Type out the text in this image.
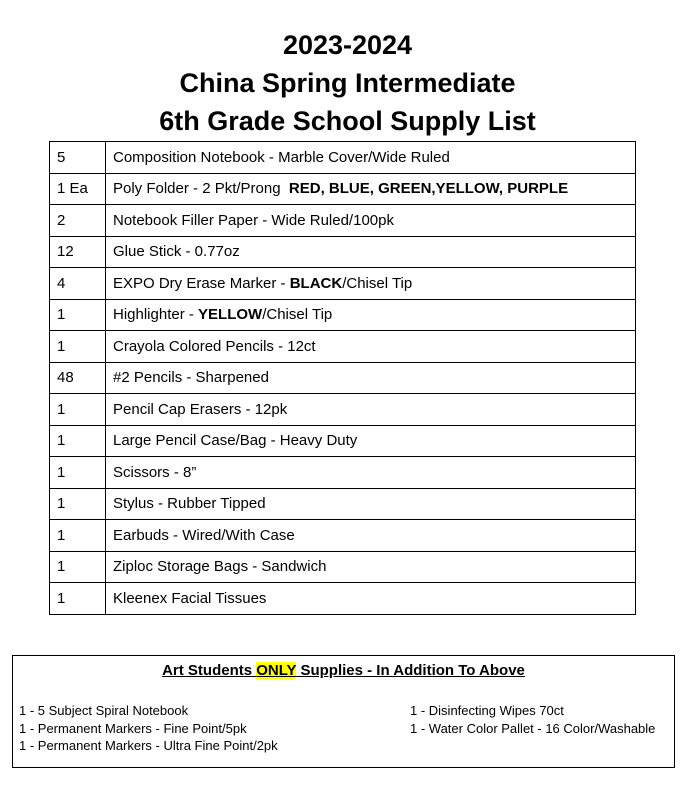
2023-2024
China Spring Intermediate
6th Grade School Supply List
5	Composition Notebook - Marble Cover/Wide Ruled
1 Ea	Poly Folder - 2 Pkt/Prong  RED, BLUE, GREEN,YELLOW, PURPLE
2	Notebook Filler Paper - Wide Ruled/100pk
12	Glue Stick - 0.77oz
4	EXPO Dry Erase Marker - BLACK/Chisel Tip
1	Highlighter - YELLOW/Chisel Tip
1	Crayola Colored Pencils - 12ct
48	#2 Pencils - Sharpened
1	Pencil Cap Erasers - 12pk
1	Large Pencil Case/Bag - Heavy Duty
1	Scissors - 8”
1	Stylus - Rubber Tipped
1	Earbuds - Wired/With Case
1	Ziploc Storage Bags - Sandwich
1	Kleenex Facial Tissues
Art Students ONLY Supplies - In Addition To Above
1 - 5 Subject Spiral Notebook
1 - Permanent Markers - Fine Point/5pk
1 - Permanent Markers - Ultra Fine Point/2pk
1 - Disinfecting Wipes 70ct
1 - Water Color Pallet - 16 Color/Washable
